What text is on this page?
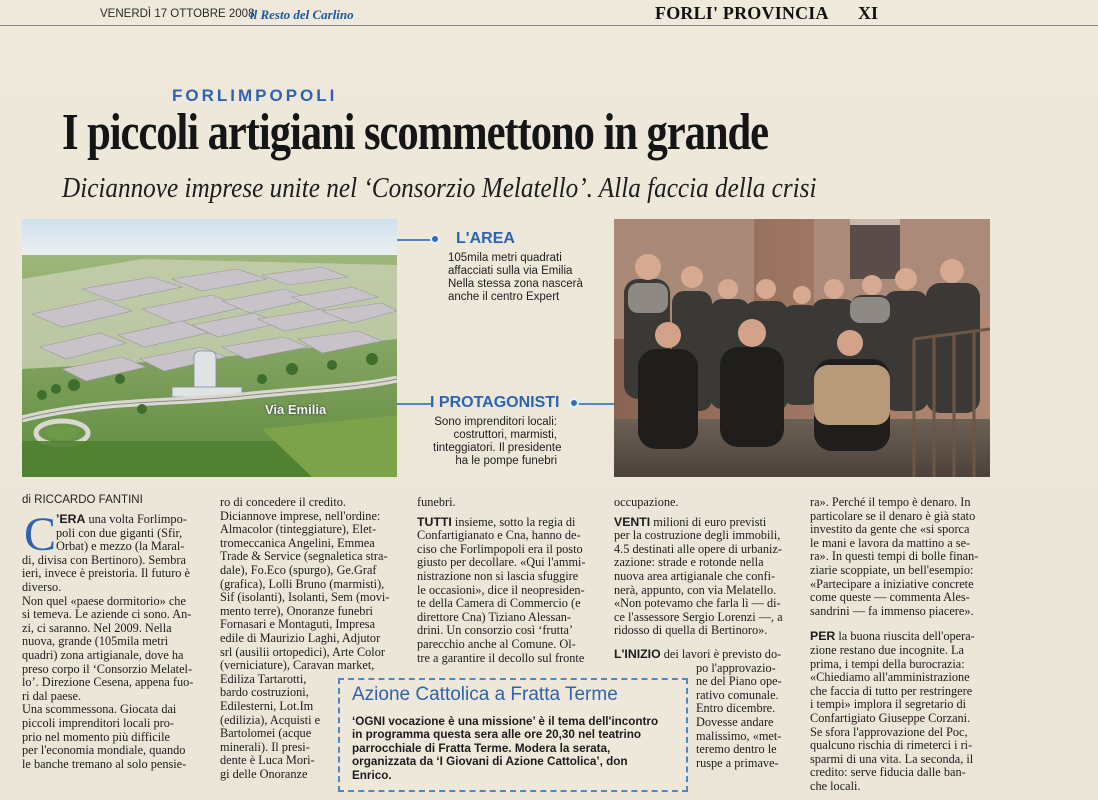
VENERDÌ 17 OTTOBRE 2008
il Resto del Carlino	FORLI' PROVINCIA XI
FORLIMPOPOLI
I piccoli artigiani scommettono in grande
Diciannove imprese unite nel ‘Consorzio Melatello’. Alla faccia della crisi
Via Emilia
L'AREA
105mila metri quadrati
affacciati sulla via Emilia
Nella stessa zona nascerà
anche il centro Expert
I PROTAGONISTI
Sono imprenditori locali:
costruttori, marmisti,
tinteggiatori. Il presidente
ha le pompe funebri
di RICCARDO FANTINI
C ’ERA una volta Forlimpo-
poli con due giganti (Sfir,
Orbat) e mezzo (la Maral-
di, divisa con Bertinoro). Sembra
ieri, invece è preistoria. Il futuro è
diverso.
Non quel «paese dormitorio» che
si temeva. Le aziende ci sono. An-
zi, ci saranno. Nel 2009. Nella
nuova, grande (105mila metri
quadri) zona artigianale, dove ha
preso corpo il ‘Consorzio Melatel-
lo’. Direzione Cesena, appena fuo-
ri dal paese.
Una scommessona. Giocata dai
piccoli imprenditori locali pro-
prio nel momento più difficile
per l'economia mondiale, quando
le banche tremano al solo pensie-
ro di concedere il credito.
Diciannove imprese, nell'ordine:
Almacolor (tinteggiature), Elet-
tromeccanica Angelini, Emmea
Trade & Service (segnaletica stra-
dale), Fo.Eco (spurgo), Ge.Graf
(grafica), Lolli Bruno (marmisti),
Sif (isolanti), Isolanti, Sem (movi-
mento terre), Onoranze funebri
Fornasari e Montaguti, Impresa
edile di Maurizio Laghi, Adjutor
srl (ausilii ortopedici), Arte Color
(verniciature), Caravan market,
Ediliza Tartarotti,
bardo costruzioni,
Edilesterni, Lot.Im
(edilizia), Acquisti e
Bartolomei (acque
minerali). Il presi-
dente è Luca Mori-
gi delle Onoranze
funebri.
TUTTI insieme, sotto la regia di
Confartigianato e Cna, hanno de-
ciso che Forlimpopoli era il posto
giusto per decollare. «Qui l'ammi-
nistrazione non si lascia sfuggire
le occasioni», dice il neopresiden-
te della Camera di Commercio (e
direttore Cna) Tiziano Alessan-
drini. Un consorzio così ‘frutta’
parecchio anche al Comune. Ol-
tre a garantire il decollo sul fronte
occupazione.
VENTI milioni di euro previsti
per la costruzione degli immobili,
4.5 destinati alle opere di urbaniz-
zazione: strade e rotonde nella
nuova area artigianale che confi-
nerà, appunto, con via Melatello.
«Non potevamo che farla lì — di-
ce l'assessore Sergio Lorenzi —, a
ridosso di quella di Bertinoro».
L'INIZIO dei lavori è previsto do-
po l'approvazio-
ne del Piano ope-
rativo comunale.
Entro dicembre.
Dovesse andare
malissimo, «met-
teremo dentro le
ruspe a primave-
ra». Perché il tempo è denaro. In
particolare se il denaro è già stato
investito da gente che «si sporca
le mani e lavora da mattino a se-
ra». In questi tempi di bolle finan-
ziarie scoppiate, un bell'esempio:
«Partecipare a iniziative concrete
come queste — commenta Ales-
sandrini — fa immenso piacere».
PER la buona riuscita dell'opera-
zione restano due incognite. La
prima, i tempi della burocrazia:
«Chiediamo all'amministrazione
che faccia di tutto per restringere
i tempi» implora il segretario di
Confartigiato Giuseppe Corzani.
Se sfora l'approvazione del Poc,
qualcuno rischia di rimeterci i ri-
sparmi di una vita. La seconda, il
credito: serve fiducia dalle ban-
che locali.
Azione Cattolica a Fratta Terme
‘OGNI vocazione è una missione’ è il tema dell'incontro
in programma questa sera alle ore 20,30 nel teatrino
parrocchiale di Fratta Terme. Modera la serata,
organizzata da ‘I Giovani di Azione Cattolica’, don
Enrico.
